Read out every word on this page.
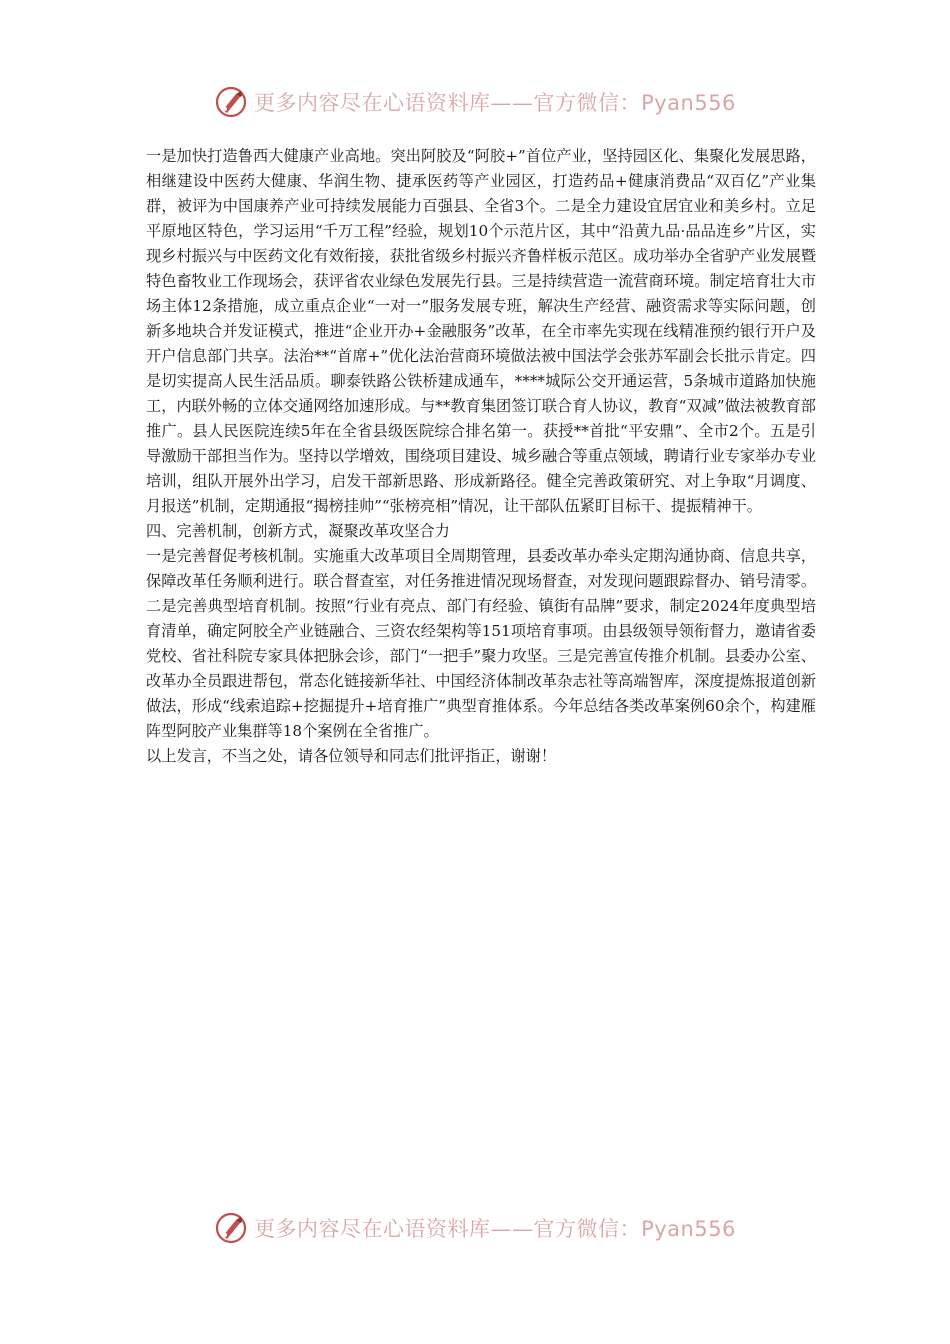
更多内容尽在心语资料库——官方微信：Pyan556

一是加快打造鲁西大健康产业高地。突出阿胶及“阿胶+”首位产业，坚持园区化、集聚化发展思路，相继建设中医药大健康、华润生物、捷承医药等产业园区，打造药品+健康消费品“双百亿”产业集群，被评为中国康养产业可持续发展能力百强县、全省3个。二是全力建设宜居宜业和美乡村。立足平原地区特色，学习运用“千万工程”经验，规划10个示范片区，其中“沿黄九品·品品连乡”片区，实现乡村振兴与中医药文化有效衔接，获批省级乡村振兴齐鲁样板示范区。成功举办全省驴产业发展暨特色畜牧业工作现场会，获评省农业绿色发展先行县。三是持续营造一流营商环境。制定培育壮大市场主体12条措施，成立重点企业“一对一”服务发展专班，解决生产经营、融资需求等实际问题，创新多地块合并发证模式，推进“企业开办+金融服务”改革，在全市率先实现在线精准预约银行开户及开户信息部门共享。法治**“首席+”优化法治营商环境做法被中国法学会张苏军副会长批示肯定。四是切实提高人民生活品质。聊泰铁路公铁桥建成通车，****城际公交开通运营，5条城市道路加快施工，内联外畅的立体交通网络加速形成。与**教育集团签订联合育人协议，教育“双减”做法被教育部推广。县人民医院连续5年在全省县级医院综合排名第一。获授**首批“平安鼎”、全市2个。五是引导激励干部担当作为。坚持以学增效，围绕项目建设、城乡融合等重点领域，聘请行业专家举办专业培训，组队开展外出学习，启发干部新思路、形成新路径。健全完善政策研究、对上争取“月调度、月报送”机制，定期通报“揭榜挂帅”“张榜亮相”情况，让干部队伍紧盯目标干、提振精神干。

四、完善机制，创新方式，凝聚改革攻坚合力

一是完善督促考核机制。实施重大改革项目全周期管理，县委改革办牵头定期沟通协商、信息共享，保障改革任务顺利进行。联合督查室，对任务推进情况现场督查，对发现问题跟踪督办、销号清零。二是完善典型培育机制。按照“行业有亮点、部门有经验、镇街有品牌”要求，制定2024年度典型培育清单，确定阿胶全产业链融合、三资农经架构等151项培育事项。由县级领导领衔督力，邀请省委党校、省社科院专家具体把脉会诊，部门“一把手”聚力攻坚。三是完善宣传推介机制。县委办公室、改革办全员跟进帮包，常态化链接新华社、中国经济体制改革杂志社等高端智库，深度提炼报道创新做法，形成“线索追踪+挖掘提升+培育推广”典型育推体系。今年总结各类改革案例60余个，构建雁阵型阿胶产业集群等18个案例在全省推广。

以上发言，不当之处，请各位领导和同志们批评指正，谢谢！

更多内容尽在心语资料库——官方微信：Pyan556
